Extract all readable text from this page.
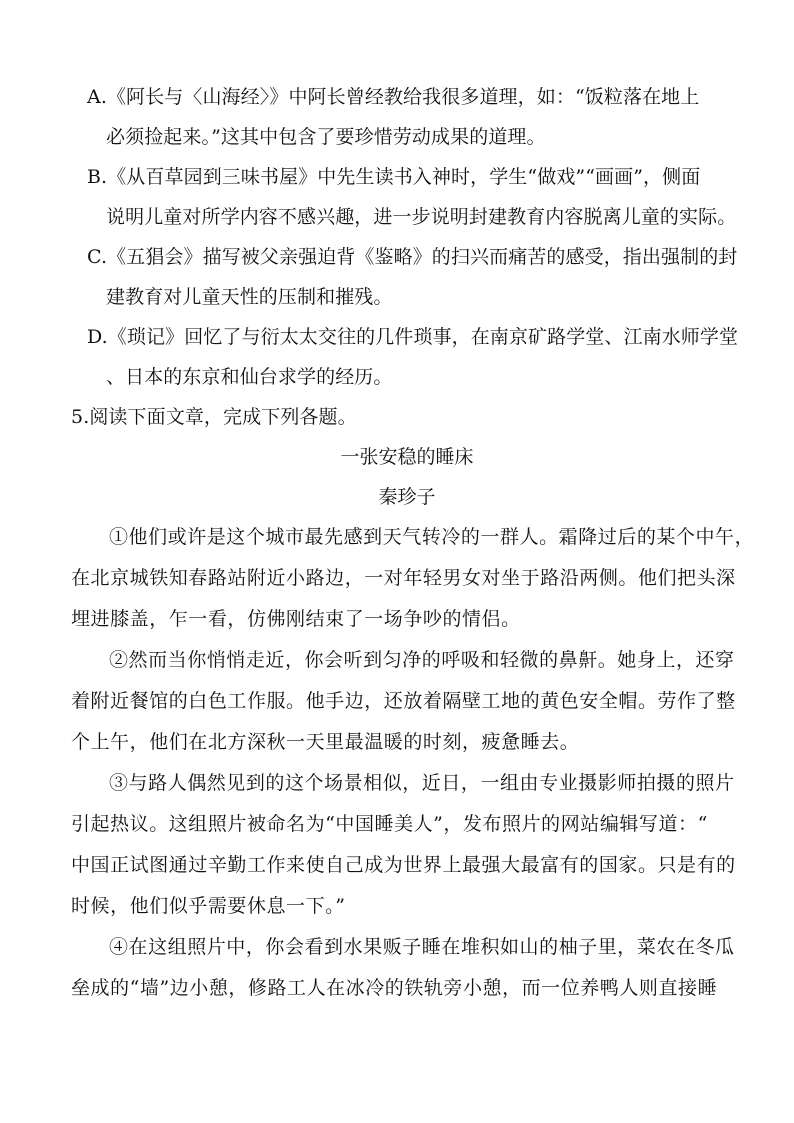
A.《阿长与〈山海经〉》中阿长曾经教给我很多道理，如：“饭粒落在地上
必须捡起来。”这其中包含了要珍惜劳动成果的道理。
B.《从百草园到三味书屋》中先生读书入神时，学生“做戏”“画画”，侧面
说明儿童对所学内容不感兴趣，进一步说明封建教育内容脱离儿童的实际。
C.《五猖会》描写被父亲强迫背《鉴略》的扫兴而痛苦的感受，指出强制的封
建教育对儿童天性的压制和摧残。
D.《琐记》回忆了与衍太太交往的几件琐事，在南京矿路学堂、江南水师学堂
、日本的东京和仙台求学的经历。
5.阅读下面文章，完成下列各题。
一张安稳的睡床
秦珍子
①他们或许是这个城市最先感到天气转冷的一群人。霜降过后的某个中午，
在北京城铁知春路站附近小路边，一对年轻男女对坐于路沿两侧。他们把头深
埋进膝盖，乍一看，仿佛刚结束了一场争吵的情侣。
②然而当你悄悄走近，你会听到匀净的呼吸和轻微的鼻鼾。她身上，还穿
着附近餐馆的白色工作服。他手边，还放着隔壁工地的黄色安全帽。劳作了整
个上午，他们在北方深秋一天里最温暖的时刻，疲惫睡去。
③与路人偶然见到的这个场景相似，近日，一组由专业摄影师拍摄的照片
引起热议。这组照片被命名为“中国睡美人”，发布照片的网站编辑写道：“
中国正试图通过辛勤工作来使自己成为世界上最强大最富有的国家。只是有的
时候，他们似乎需要休息一下。”
④在这组照片中，你会看到水果贩子睡在堆积如山的柚子里，菜农在冬瓜
垒成的“墙”边小憩，修路工人在冰冷的铁轨旁小憩，而一位养鸭人则直接睡
